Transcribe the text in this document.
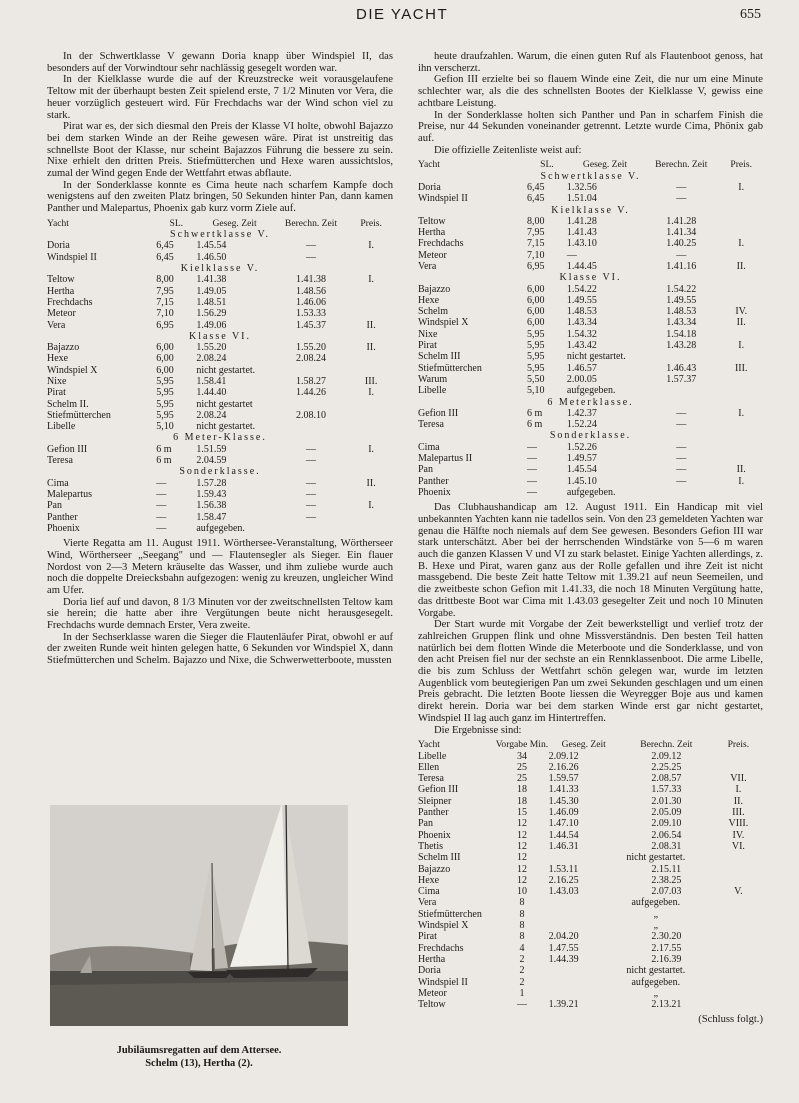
DIE YACHT	655

In der Schwertklasse V gewann Doria knapp über Windspiel II, das besonders auf der Vorwindtour sehr nachlässig gesegelt worden war.

In der Kielklasse wurde die auf der Kreuzstrecke weit vorausgelaufene Teltow mit der überhaupt besten Zeit spielend erste, 7 1/2 Minuten vor Vera, die heuer vorzüglich gesteuert wird. Für Frechdachs war der Wind schon viel zu stark.

Pirat war es, der sich diesmal den Preis der Klasse VI holte, obwohl Bajazzo bei dem starken Winde an der Reihe gewesen wäre. Pirat ist unstreitig das schnellste Boot der Klasse, nur scheint Bajazzos Führung die bessere zu sein. Nixe erhielt den dritten Preis. Stiefmütterchen und Hexe waren aussichtslos, zumal der Wind gegen Ende der Wettfahrt etwas abflaute.

In der Sonderklasse konnte es Cima heute nach scharfem Kampfe doch wenigstens auf den zweiten Platz bringen, 50 Sekunden hinter Pan, dann kamen Panther und Malepartus, Phoenix gab kurz vorm Ziele auf.

Yacht	SL.	Geseg. Zeit	Berechn. Zeit	Preis.
Schwertklasse V.				
Doria	6,45	1.45.54	—	I.
Windspiel II	6,45	1.46.50	—	
Kielklasse V.				
Teltow	8,00	1.41.38	1.41.38	I.
Hertha	7,95	1.49.05	1.48.56	
Frechdachs	7,15	1.48.51	1.46.06	
Meteor	7,10	1.56.29	1.53.33	
Vera	6,95	1.49.06	1.45.37	II.
Klasse VI.				
Bajazzo	6,00	1.55.20	1.55.20	II.
Hexe	6,00	2.08.24	2.08.24	
Windspiel X	6,00	nicht gestartet.		
Nixe	5,95	1.58.41	1.58.27	III.
Pirat	5,95	1.44.40	1.44.26	I.
Schelm II.	5,95	nicht gestartet		
Stiefmütterchen	5,95	2.08.24	2.08.10	
Libelle	5,10	nicht gestartet.		
6 Meter-Klasse.				
Gefion III	6 m	1.51.59	—	I.
Teresa	6 m	2.04.59	—	
Sonderklasse.				
Cima	—	1.57.28	—	II.
Malepartus	—	1.59.43	—	
Pan	—	1.56.38	—	I.
Panther	—	1.58.47	—	
Phoenix	—	aufgegeben.		

Vierte Regatta am 11. August 1911. Wörthersee-Veranstaltung, Wörtherseer Wind, Wörtherseer „Seegang" und — Flautensegler als Sieger. Ein flauer Nordost von 2—3 Metern kräuselte das Wasser, und ihm zuliebe wurde auch noch die doppelte Dreiecksbahn aufgezogen: wenig zu kreuzen, ungleicher Wind am Ufer.

Doria lief auf und davon, 8 1/3 Minuten vor der zweitschnellsten Teltow kam sie herein; die hatte aber ihre Vergütungen beute nicht herausgesegelt. Frechdachs wurde demnach Erster, Vera zweite.

In der Sechserklasse waren die Sieger die Flautenläufer Pirat, obwohl er auf der zweiten Runde weit hinten gelegen hatte, 6 Sekunden vor Windspiel X, dann Stiefmütterchen und Schelm. Bajazzo und Nixe, die Schwerwetterboote, mussten

Jubiläumsregatten auf dem Attersee.
Schelm (13), Hertha (2).

heute draufzahlen. Warum, die einen guten Ruf als Flautenboot genoss, hat ihn verscherzt.

Gefion III erzielte bei so flauem Winde eine Zeit, die nur um eine Minute schlechter war, als die des schnellsten Bootes der Kielklasse V, gewiss eine achtbare Leistung.

In der Sonderklasse holten sich Panther und Pan in scharfem Finish die Preise, nur 44 Sekunden voneinander getrennt. Letzte wurde Cima, Phönix gab auf.

Die offizielle Zeitenliste weist auf:

Yacht	SL.	Geseg. Zeit	Berechn. Zeit	Preis.
Schwertklasse V.				
Doria	6,45	1.32.56	—	I.
Windspiel II	6,45	1.51.04	—	
Kielklasse V.				
Teltow	8,00	1.41.28	1.41.28	
Hertha	7,95	1.41.43	1.41.34	
Frechdachs	7,15	1.43.10	1.40.25	I.
Meteor	7,10	—	—	
Vera	6,95	1.44.45	1.41.16	II.
Klasse VI.				
Bajazzo	6,00	1.54.22	1.54.22	
Hexe	6,00	1.49.55	1.49.55	
Schelm	6,00	1.48.53	1.48.53	IV.
Windspiel X	6,00	1.43.34	1.43.34	II.
Nixe	5,95	1.54.32	1.54.18	
Pirat	5,95	1.43.42	1.43.28	I.
Schelm III	5,95	nicht gestartet.		
Stiefmütterchen	5,95	1.46.57	1.46.43	III.
Warum	5,50	2.00.05	1.57.37	
Libelle	5,10	aufgegeben.		
6 Meterklasse.				
Gefion III	6 m	1.42.37	—	I.
Teresa	6 m	1.52.24	—	
Sonderklasse.				
Cima	—	1.52.26	—	
Malepartus II	—	1.49.57	—	
Pan	—	1.45.54	—	II.
Panther	—	1.45.10	—	I.
Phoenix	—	aufgegeben.		

Das Clubhaushandicap am 12. August 1911. Ein Handicap mit viel unbekannten Yachten kann nie tadellos sein. Von den 23 gemeldeten Yachten war genau die Hälfte noch niemals auf dem See gewesen. Besonders Gefion III war stark unterschätzt. Aber bei der herrschenden Windstärke von 5—6 m waren auch die ganzen Klassen V und VI zu stark belastet. Einige Yachten allerdings, z. B. Hexe und Pirat, waren ganz aus der Rolle gefallen und ihre Zeit ist nicht massgebend. Die beste Zeit hatte Teltow mit 1.39.21 auf neun Seemeilen, und die zweitbeste schon Gefion mit 1.41.33, die noch 18 Minuten Vergütung hatte, das drittbeste Boot war Cima mit 1.43.03 gesegelter Zeit und noch 10 Minuten Vorgabe.

Der Start wurde mit Vorgabe der Zeit bewerkstelligt und verlief trotz der zahlreichen Gruppen flink und ohne Missverständnis. Den besten Teil hatten natürlich bei dem flotten Winde die Meterboote und die Sonderklasse, und von den acht Preisen fiel nur der sechste an ein Rennklassenboot. Die arme Libelle, die bis zum Schluss der Wettfahrt schön gelegen war, wurde im letzten Augenblick vom beutegierigen Pan um zwei Sekunden geschlagen und um einen Preis gebracht. Die letzten Boote liessen die Weyregger Boje aus und kamen direkt herein. Doria war bei dem starken Winde erst gar nicht gestartet, Windspiel II lag auch ganz im Hintertreffen.

Die Ergebnisse sind:

Yacht	Vorgabe Min.	Geseg. Zeit	Berechn. Zeit	Preis.
Libelle	34	2.09.12	2.09.12	
Ellen	25	2.16.26	2.25.25	
Teresa	25	1.59.57	2.08.57	VII.
Gefion III	18	1.41.33	1.57.33	I.
Sleipner	18	1.45.30	2.01.30	II.
Panther	15	1.46.09	2.05.09	III.
Pan	12	1.47.10	2.09.10	VIII.
Phoenix	12	1.44.54	2.06.54	IV.
Thetis	12	1.46.31	2.08.31	VI.
Schelm III	12	nicht gestartet.		
Bajazzo	12	1.53.11	2.15.11	
Hexe	12	2.16.25	2.38.25	
Cima	10	1.43.03	2.07.03	V.
Vera	8	aufgegeben.		
Stiefmütterchen	8	„		
Windspiel X	8	„		
Pirat	8	2.04.20	2.30.20	
Frechdachs	4	1.47.55	2.17.55	
Hertha	2	1.44.39	2.16.39	
Doria	2	nicht gestartet.		
Windspiel II	2	aufgegeben.		
Meteor	1	„		
Teltow	—	1.39.21	2.13.21	
(Schluss folgt.)
